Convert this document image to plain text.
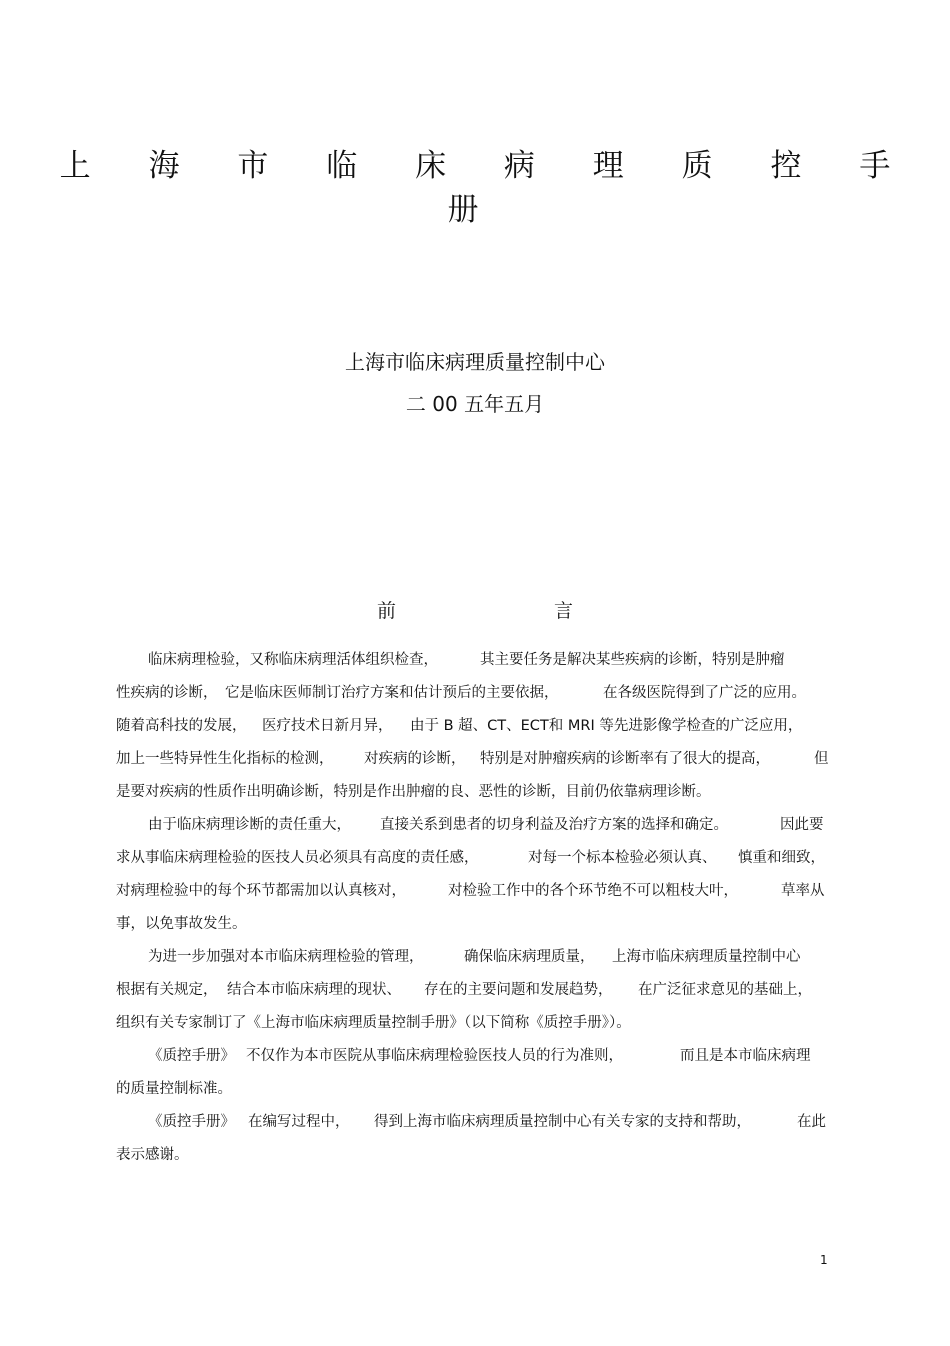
上 海 市 临 床 病 理 质 控 手 册
上海市临床病理质量控制中心
二 00 五年五月
前 言
临床病理检验，又称临床病理活体组织检查，	其主要任务是解决某些疾病的诊断，特别是肿瘤
性疾病的诊断， 它是临床医师制订治疗方案和估计预后的主要依据，	在各级医院得到了广泛的应用。
随着高科技的发展， 医疗技术日新月异， 由于 B 超、CT、ECT和 MRI 等先进影像学检查的广泛应用，
加上一些特异性生化指标的检测， 对疾病的诊断， 特别是对肿瘤疾病的诊断率有了很大的提高，	但
是要对疾病的性质作出明确诊断，特别是作出肿瘤的良、恶性的诊断，目前仍依靠病理诊断。
由于临床病理诊断的责任重大， 直接关系到患者的切身利益及治疗方案的选择和确定。	因此要
求从事临床病理检验的医技人员必须具有高度的责任感，	对每一个标本检验必须认真、 慎重和细致，
对病理检验中的每个环节都需加以认真核对，	对检验工作中的各个环节绝不可以粗枝大叶，	草率从
事，以免事故发生。
为进一步加强对本市临床病理检验的管理，	确保临床病理质量， 上海市临床病理质量控制中心
根据有关规定， 结合本市临床病理的现状、 存在的主要问题和发展趋势， 在广泛征求意见的基础上，
组织有关专家制订了《上海市临床病理质量控制手册》（以下简称《质控手册》）。
《质控手册》 不仅作为本市医院从事临床病理检验医技人员的行为准则，	而且是本市临床病理
的质量控制标准。
《质控手册》 在编写过程中， 得到上海市临床病理质量控制中心有关专家的支持和帮助，	在此
表示感谢。
1
